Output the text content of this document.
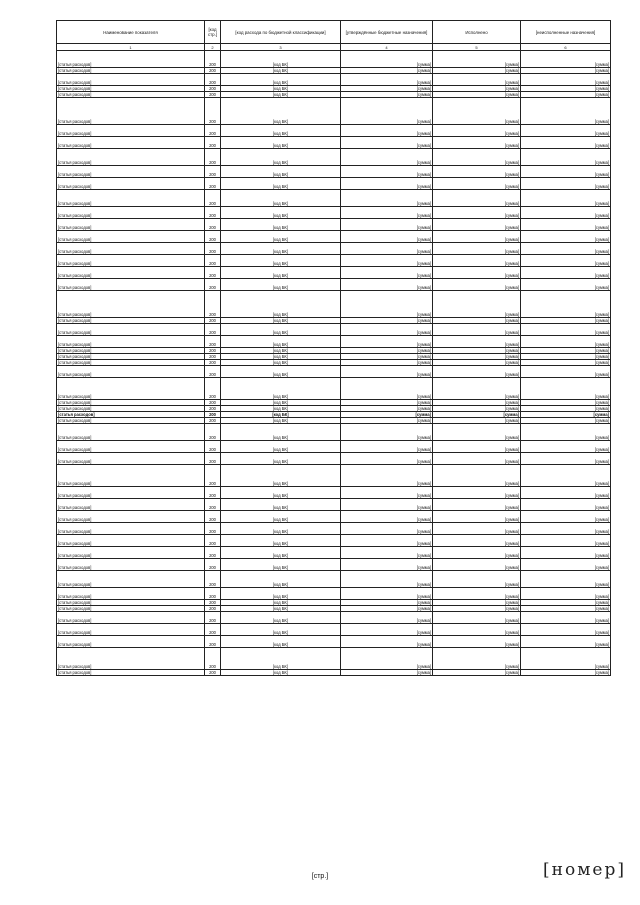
Наименование показателя	[код стр.]	[код расхода по бюджетной классификации]	[утверждённые бюджетные назначения]	Исполнено	[неисполненные назначения]
1	2	3	4	5	6
[статья расходов]	200	[код БК]	[сумма]	[сумма]	[сумма]
[статья расходов]	200	[код БК]	[сумма]	[сумма]	[сумма]
[статья расходов]	200	[код БК]	[сумма]	[сумма]	[сумма]
[статья расходов]	200	[код БК]	[сумма]	[сумма]	[сумма]
[статья расходов]	200	[код БК]	[сумма]	[сумма]	[сумма]
[статья расходов]	200	[код БК]	[сумма]	[сумма]	[сумма]
[статья расходов]	200	[код БК]	[сумма]	[сумма]	[сумма]
[статья расходов]	200	[код БК]	[сумма]	[сумма]	[сумма]
[статья расходов]	200	[код БК]	[сумма]	[сумма]	[сумма]
[статья расходов]	200	[код БК]	[сумма]	[сумма]	[сумма]
[статья расходов]	200	[код БК]	[сумма]	[сумма]	[сумма]
[статья расходов]	200	[код БК]	[сумма]	[сумма]	[сумма]
[статья расходов]	200	[код БК]	[сумма]	[сумма]	[сумма]
[статья расходов]	200	[код БК]	[сумма]	[сумма]	[сумма]
[статья расходов]	200	[код БК]	[сумма]	[сумма]	[сумма]
[статья расходов]	200	[код БК]	[сумма]	[сумма]	[сумма]
[статья расходов]	200	[код БК]	[сумма]	[сумма]	[сумма]
[статья расходов]	200	[код БК]	[сумма]	[сумма]	[сумма]
[статья расходов]	200	[код БК]	[сумма]	[сумма]	[сумма]
[статья расходов]	200	[код БК]	[сумма]	[сумма]	[сумма]
[статья расходов]	200	[код БК]	[сумма]	[сумма]	[сумма]
[статья расходов]	200	[код БК]	[сумма]	[сумма]	[сумма]
[статья расходов]	200	[код БК]	[сумма]	[сумма]	[сумма]
[статья расходов]	200	[код БК]	[сумма]	[сумма]	[сумма]
[статья расходов]	200	[код БК]	[сумма]	[сумма]	[сумма]
[статья расходов]	200	[код БК]	[сумма]	[сумма]	[сумма]
[статья расходов]	200	[код БК]	[сумма]	[сумма]	[сумма]
[статья расходов]	200	[код БК]	[сумма]	[сумма]	[сумма]
[статья расходов]	200	[код БК]	[сумма]	[сумма]	[сумма]
[статья расходов]	200	[код БК]	[сумма]	[сумма]	[сумма]
[статья расходов]	200	[код БК]	[сумма]	[сумма]	[сумма]
[статья расходов]	200	[код БК]	[сумма]	[сумма]	[сумма]
[статья расходов]	200	[код БК]	[сумма]	[сумма]	[сумма]
[статья расходов]	200	[код БК]	[сумма]	[сумма]	[сумма]
[статья расходов]	200	[код БК]	[сумма]	[сумма]	[сумма]
[статья расходов]	200	[код БК]	[сумма]	[сумма]	[сумма]
[статья расходов]	200	[код БК]	[сумма]	[сумма]	[сумма]
[статья расходов]	200	[код БК]	[сумма]	[сумма]	[сумма]
[статья расходов]	200	[код БК]	[сумма]	[сумма]	[сумма]
[статья расходов]	200	[код БК]	[сумма]	[сумма]	[сумма]
[статья расходов]	200	[код БК]	[сумма]	[сумма]	[сумма]
[статья расходов]	200	[код БК]	[сумма]	[сумма]	[сумма]
[статья расходов]	200	[код БК]	[сумма]	[сумма]	[сумма]
[статья расходов]	200	[код БК]	[сумма]	[сумма]	[сумма]
[статья расходов]	200	[код БК]	[сумма]	[сумма]	[сумма]
[статья расходов]	200	[код БК]	[сумма]	[сумма]	[сумма]
[статья расходов]	200	[код БК]	[сумма]	[сумма]	[сумма]
[статья расходов]	200	[код БК]	[сумма]	[сумма]	[сумма]
[статья расходов]	200	[код БК]	[сумма]	[сумма]	[сумма]
[статья расходов]	200	[код БК]	[сумма]	[сумма]	[сумма]
[статья расходов]	200	[код БК]	[сумма]	[сумма]	[сумма]
[статья расходов]	200	[код БК]	[сумма]	[сумма]	[сумма]
[стр.]	[номер]
